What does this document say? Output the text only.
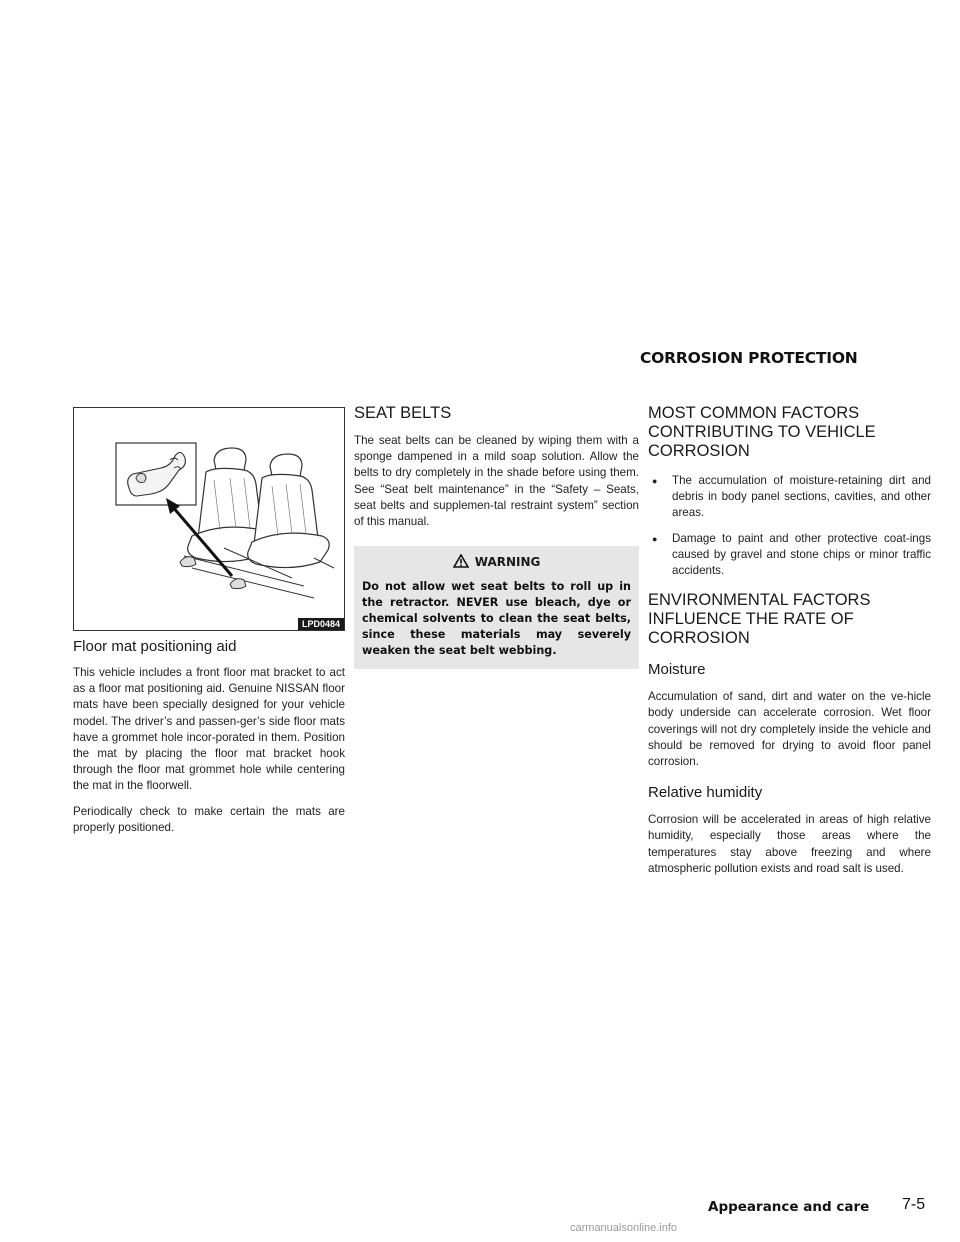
CORROSION PROTECTION
LPD0484
Floor mat positioning aid

This vehicle includes a front floor mat bracket to act as a floor mat positioning aid. Genuine NISSAN floor mats have been specially designed for your vehicle model. The driver’s and passen-ger’s side floor mats have a grommet hole incor-porated in them. Position the mat by placing the floor mat bracket hook through the floor mat grommet hole while centering the mat in the floorwell.

Periodically check to make certain the mats are properly positioned.

SEAT BELTS

The seat belts can be cleaned by wiping them with a sponge dampened in a mild soap solution. Allow the belts to dry completely in the shade before using them. See “Seat belt maintenance” in the “Safety – Seats, seat belts and supplemen-tal restraint system” section of this manual.

WARNING
Do not allow wet seat belts to roll up in the retractor. NEVER use bleach, dye or chemical solvents to clean the seat belts, since these materials may severely weaken the seat belt webbing.
MOST COMMON FACTORS
CONTRIBUTING TO VEHICLE
CORROSION
● The accumulation of moisture-retaining dirt and debris in body panel sections, cavities, and other areas.
● Damage to paint and other protective coat-ings caused by gravel and stone chips or minor traffic accidents.
ENVIRONMENTAL FACTORS
INFLUENCE THE RATE OF
CORROSION
Moisture

Accumulation of sand, dirt and water on the ve-hicle body underside can accelerate corrosion. Wet floor coverings will not dry completely inside the vehicle and should be removed for drying to avoid floor panel corrosion.

Relative humidity

Corrosion will be accelerated in areas of high relative humidity, especially those areas where the temperatures stay above freezing and where atmospheric pollution exists and road salt is used.

Appearance and care 7-5
carmanualsonline.info
